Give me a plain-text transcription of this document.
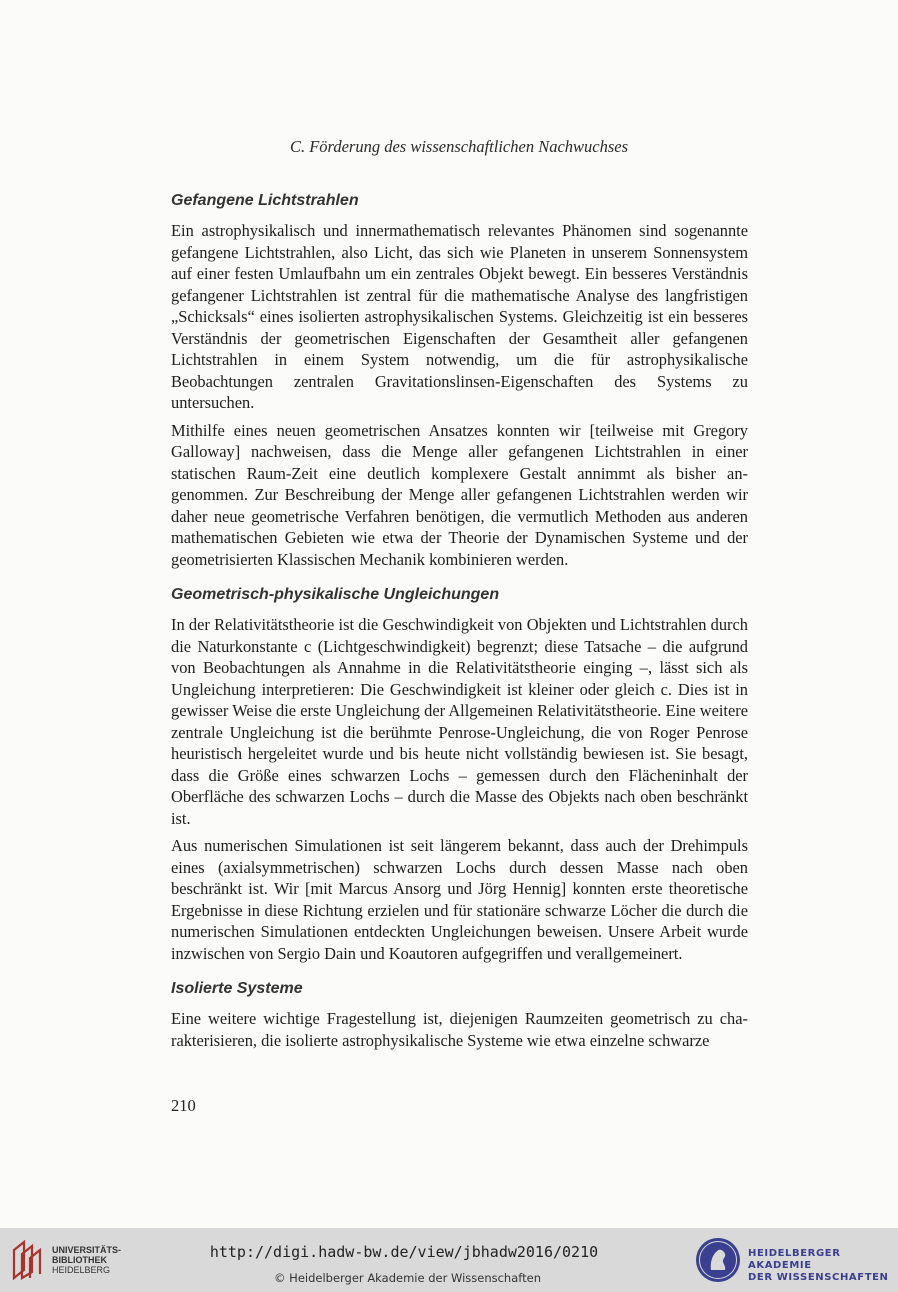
C. Förderung des wissenschaftlichen Nachwuchses
Gefangene Lichtstrahlen

Ein astrophysikalisch und innermathematisch relevantes Phänomen sind sogenannte gefangene Lichtstrahlen, also Licht, das sich wie Planeten in unserem Sonnensystem auf einer festen Umlaufbahn um ein zentrales Objekt bewegt. Ein besseres Verständnis gefangener Lichtstrahlen ist zentral für die mathematische Analyse des langfristigen „Schicksals“ eines isolierten astrophysikalischen Systems. Gleichzeitig ist ein besseres Verständnis der geometrischen Eigenschaften der Gesamtheit aller gefangenen Lichtstrahlen in einem System notwendig, um die für astrophysikalische Beobachtungen zentralen Gravitationslinsen-Eigenschaften des Systems zu untersuchen.

Mithilfe eines neuen geometrischen Ansatzes konnten wir [teilweise mit Gregory Galloway] nachweisen, dass die Menge aller gefangenen Lichtstrahlen in einer statischen Raum-Zeit eine deutlich komplexere Gestalt annimmt als bisher angenommen. Zur Beschreibung der Menge aller gefangenen Lichtstrahlen werden wir daher neue geometrische Verfahren benötigen, die vermutlich Methoden aus anderen mathematischen Gebieten wie etwa der Theorie der Dynamischen Systeme und der geometrisierten Klassischen Mechanik kombinieren werden.

Geometrisch-physikalische Ungleichungen

In der Relativitätstheorie ist die Geschwindigkeit von Objekten und Lichtstrahlen durch die Naturkonstante c (Lichtgeschwindigkeit) begrenzt; diese Tatsache – die aufgrund von Beobachtungen als Annahme in die Relativitätstheorie einging –, lässt sich als Ungleichung interpretieren: Die Geschwindigkeit ist kleiner oder gleich c. Dies ist in gewisser Weise die erste Ungleichung der Allgemeinen Relativitätstheorie. Eine weitere zentrale Ungleichung ist die berühmte Penrose-Ungleichung, die von Roger Penrose heuristisch hergeleitet wurde und bis heute nicht vollständig bewiesen ist. Sie besagt, dass die Größe eines schwarzen Lochs – gemessen durch den Flächeninhalt der Oberfläche des schwarzen Lochs – durch die Masse des Objekts nach oben beschränkt ist.

Aus numerischen Simulationen ist seit längerem bekannt, dass auch der Drehimpuls eines (axialsymmetrischen) schwarzen Lochs durch dessen Masse nach oben beschränkt ist. Wir [mit Marcus Ansorg und Jörg Hennig] konnten erste theoretische Ergebnisse in diese Richtung erzielen und für stationäre schwarze Löcher die durch die numerischen Simulationen entdeckten Ungleichungen beweisen. Unsere Arbeit wurde inzwischen von Sergio Dain und Koautoren aufgegriffen und verallgemeinert.

Isolierte Systeme

Eine weitere wichtige Fragestellung ist, diejenigen Raumzeiten geometrisch zu charakterisieren, die isolierte astrophysikalische Systeme wie etwa einzelne schwarze

210
UNIVERSITÄTS-
BIBLIOTHEK
HEIDELBERG
http://digi.hadw-bw.de/view/jbhadw2016/0210
© Heidelberger Akademie der Wissenschaften
HEIDELBERGER AKADEMIE
DER WISSENSCHAFTEN
